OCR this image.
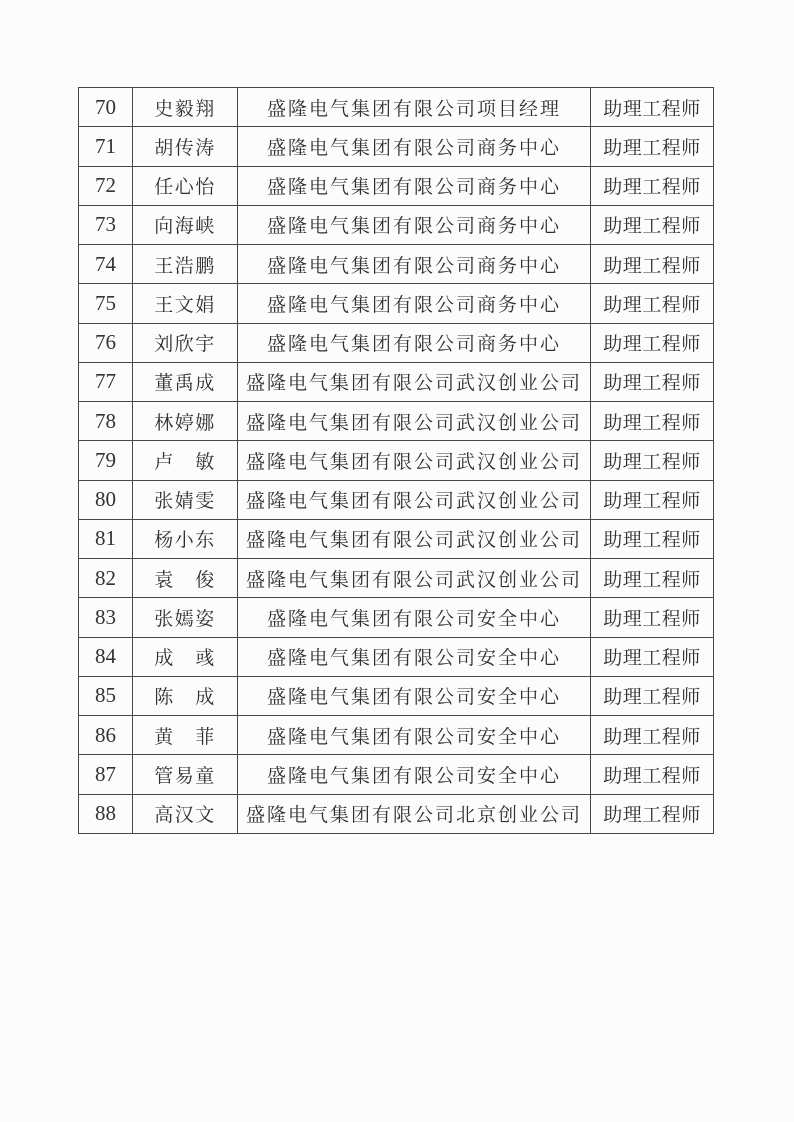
70	史毅翔	盛隆电气集团有限公司项目经理	助理工程师
71	胡传涛	盛隆电气集团有限公司商务中心	助理工程师
72	任心怡	盛隆电气集团有限公司商务中心	助理工程师
73	向海峡	盛隆电气集团有限公司商务中心	助理工程师
74	王浩鹏	盛隆电气集团有限公司商务中心	助理工程师
75	王文娟	盛隆电气集团有限公司商务中心	助理工程师
76	刘欣宇	盛隆电气集团有限公司商务中心	助理工程师
77	董禹成	盛隆电气集团有限公司武汉创业公司	助理工程师
78	林婷娜	盛隆电气集团有限公司武汉创业公司	助理工程师
79	卢　敏	盛隆电气集团有限公司武汉创业公司	助理工程师
80	张婧雯	盛隆电气集团有限公司武汉创业公司	助理工程师
81	杨小东	盛隆电气集团有限公司武汉创业公司	助理工程师
82	袁　俊	盛隆电气集团有限公司武汉创业公司	助理工程师
83	张嫣姿	盛隆电气集团有限公司安全中心	助理工程师
84	成　彧	盛隆电气集团有限公司安全中心	助理工程师
85	陈　成	盛隆电气集团有限公司安全中心	助理工程师
86	黄　菲	盛隆电气集团有限公司安全中心	助理工程师
87	管易童	盛隆电气集团有限公司安全中心	助理工程师
88	高汉文	盛隆电气集团有限公司北京创业公司	助理工程师
